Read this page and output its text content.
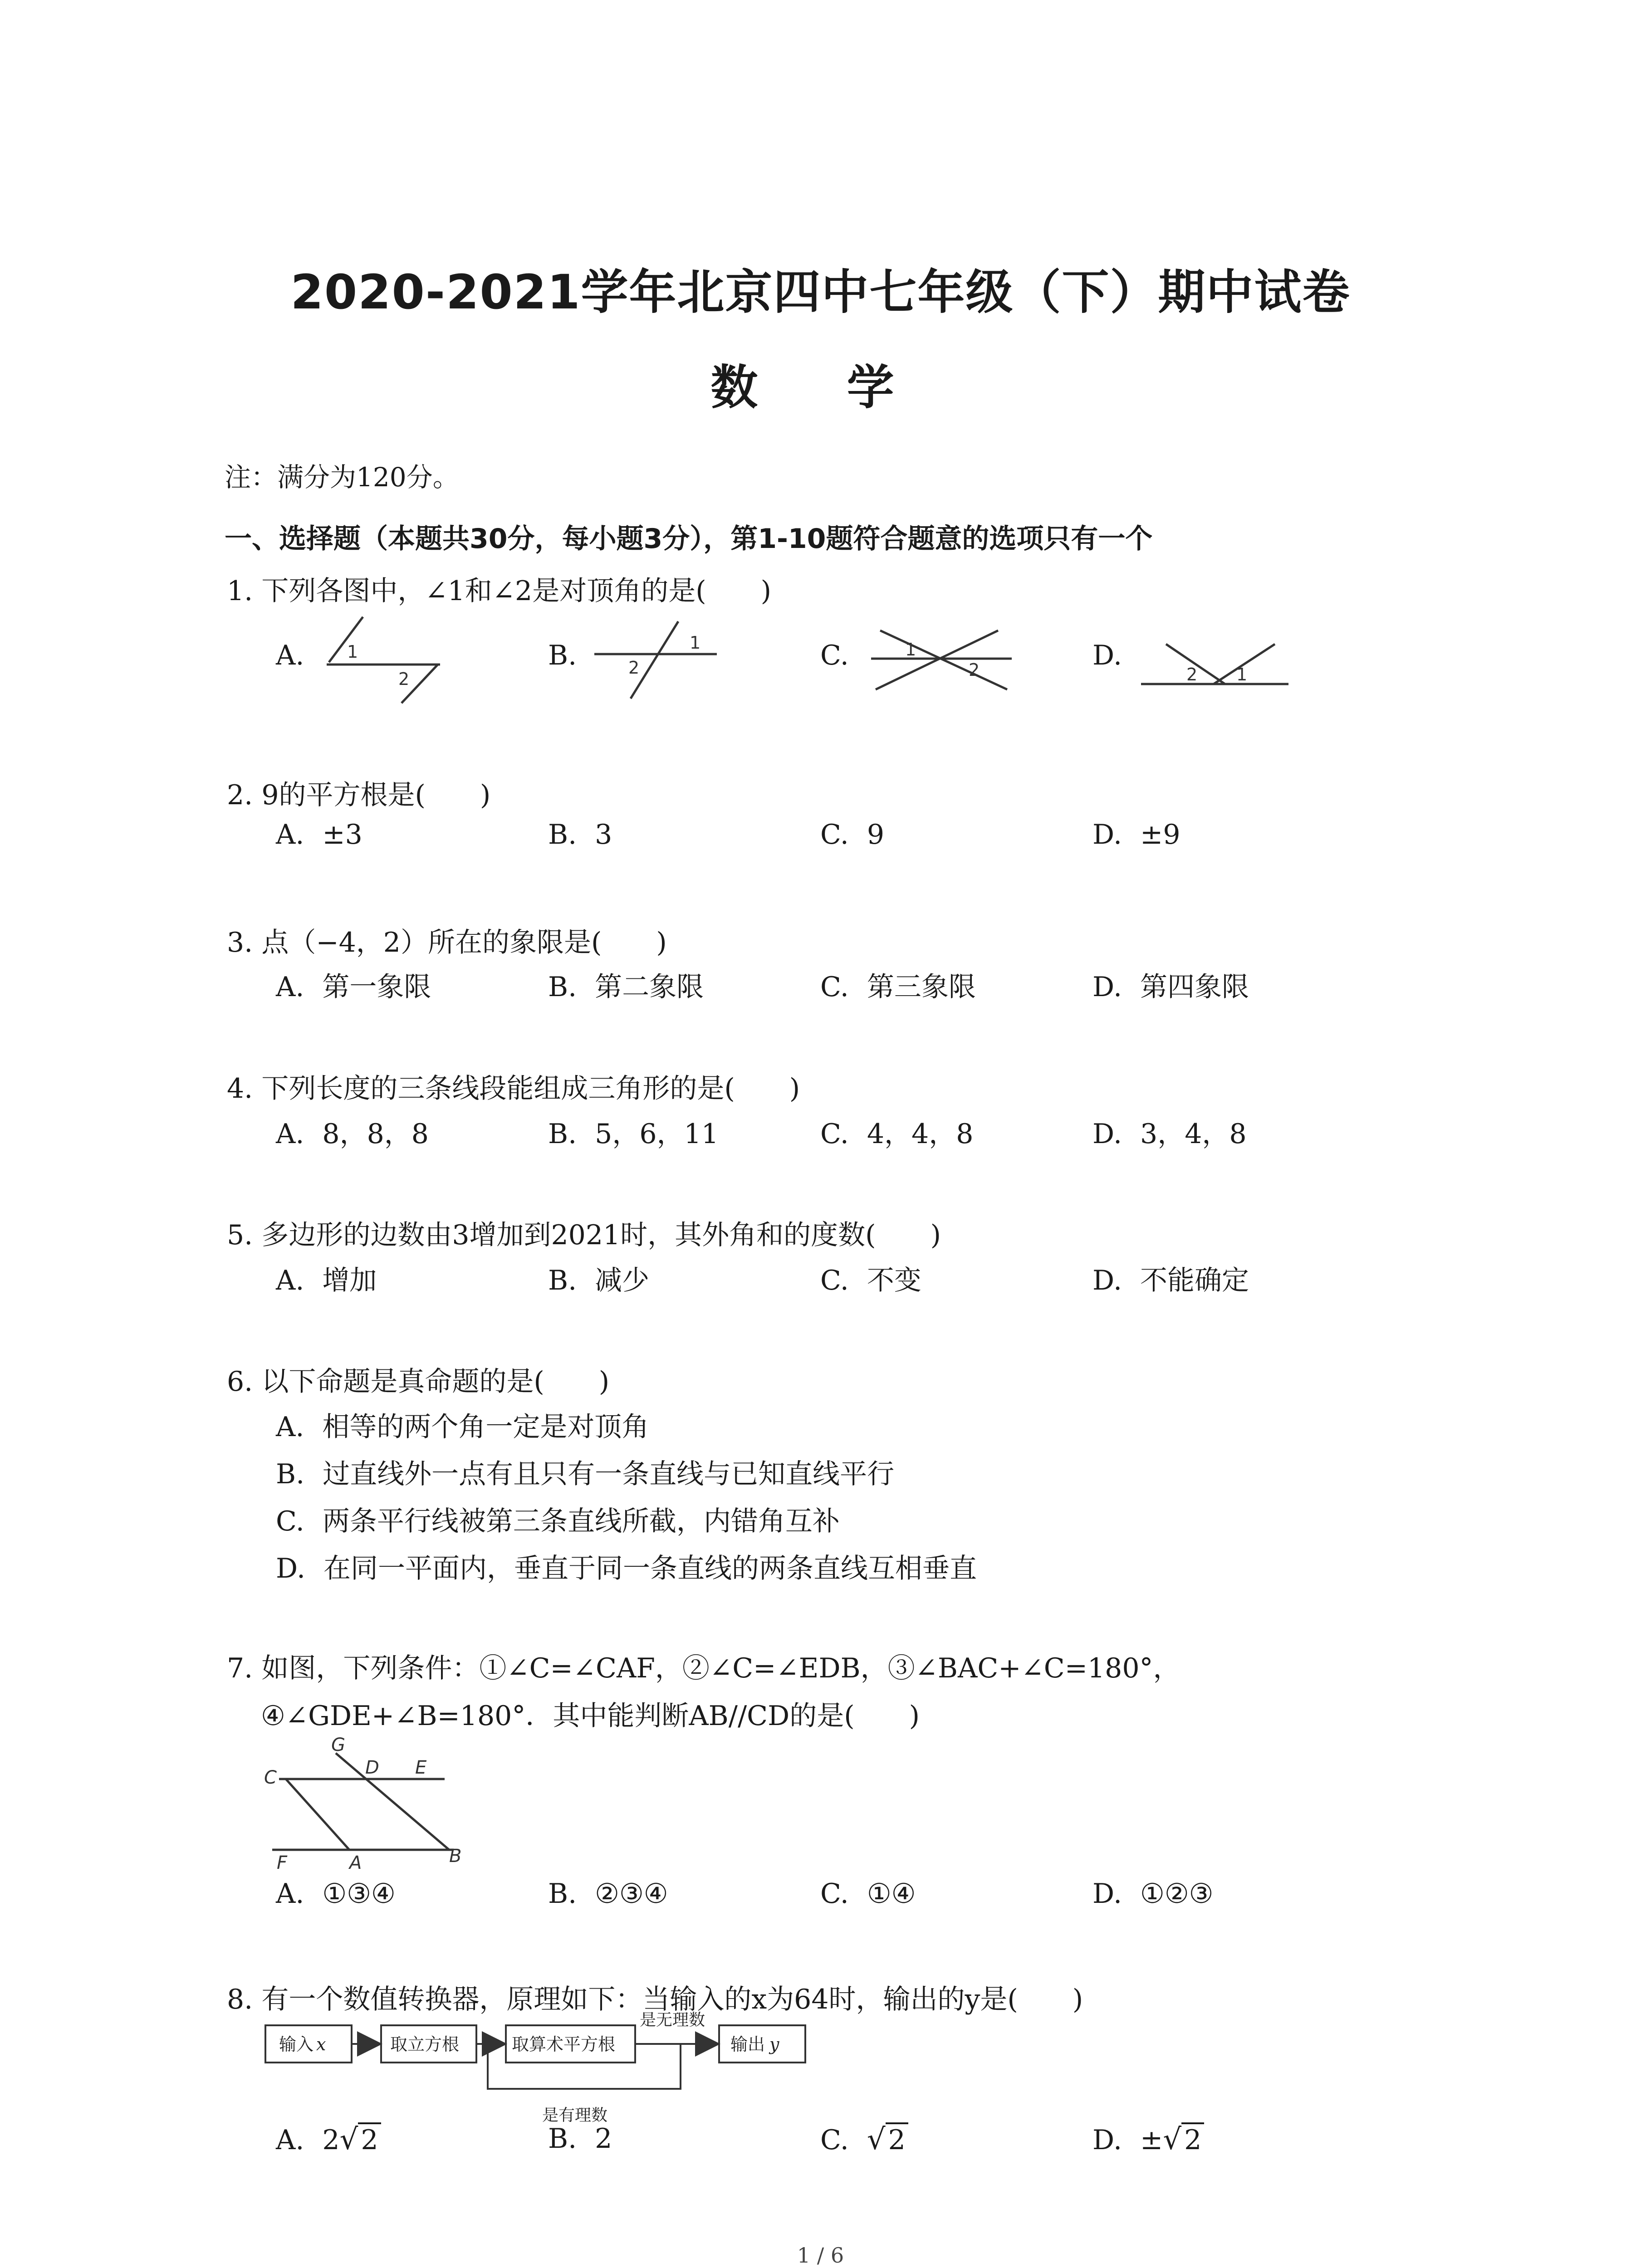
2020-2021学年北京四中七年级（下）期中试卷
数 学
注：满分为120分。
一、选择题（本题共30分，每小题3分），第1-10题符合题意的选项只有一个
1. 下列各图中，∠1和∠2是对顶角的是(　　)
A.	B.	C.	D.
1
2
1
2
1
2	2 1
2. 9的平方根是(　　)
A. ±3	B. 3	C. 9	D. ±9
3. 点（−4，2）所在的象限是(　　)
A. 第一象限	B. 第二象限	C. 第三象限	D. 第四象限
4. 下列长度的三条线段能组成三角形的是(　　)
A. 8，8，8	B. 5，6，11	C. 4，4，8	D. 3，4，8
5. 多边形的边数由3增加到2021时，其外角和的度数(　　)
A. 增加	B. 减少	C. 不变	D. 不能确定
6. 以下命题是真命题的是(　　)
A. 相等的两个角一定是对顶角
B. 过直线外一点有且只有一条直线与已知直线平行
C. 两条平行线被第三条直线所截，内错角互补
D. 在同一平面内，垂直于同一条直线的两条直线互相垂直
7. 如图，下列条件：①∠C=∠CAF，②∠C=∠EDB，③∠BAC+∠C=180°，
④∠GDE+∠B=180°．其中能判断AB//CD的是(　　)
G
D E
C
F	A	B
A. ①③④	B. ②③④	C. ①④	D. ①②③
8. 有一个数值转换器，原理如下：当输入的x为64时，输出的y是(　　)
输入 x	取立方根	取算术平方根
是无理数
输出 y
是有理数
A. 2√ 2	B. 2	C. √ 2	D. ±√ 2
1 / 6
